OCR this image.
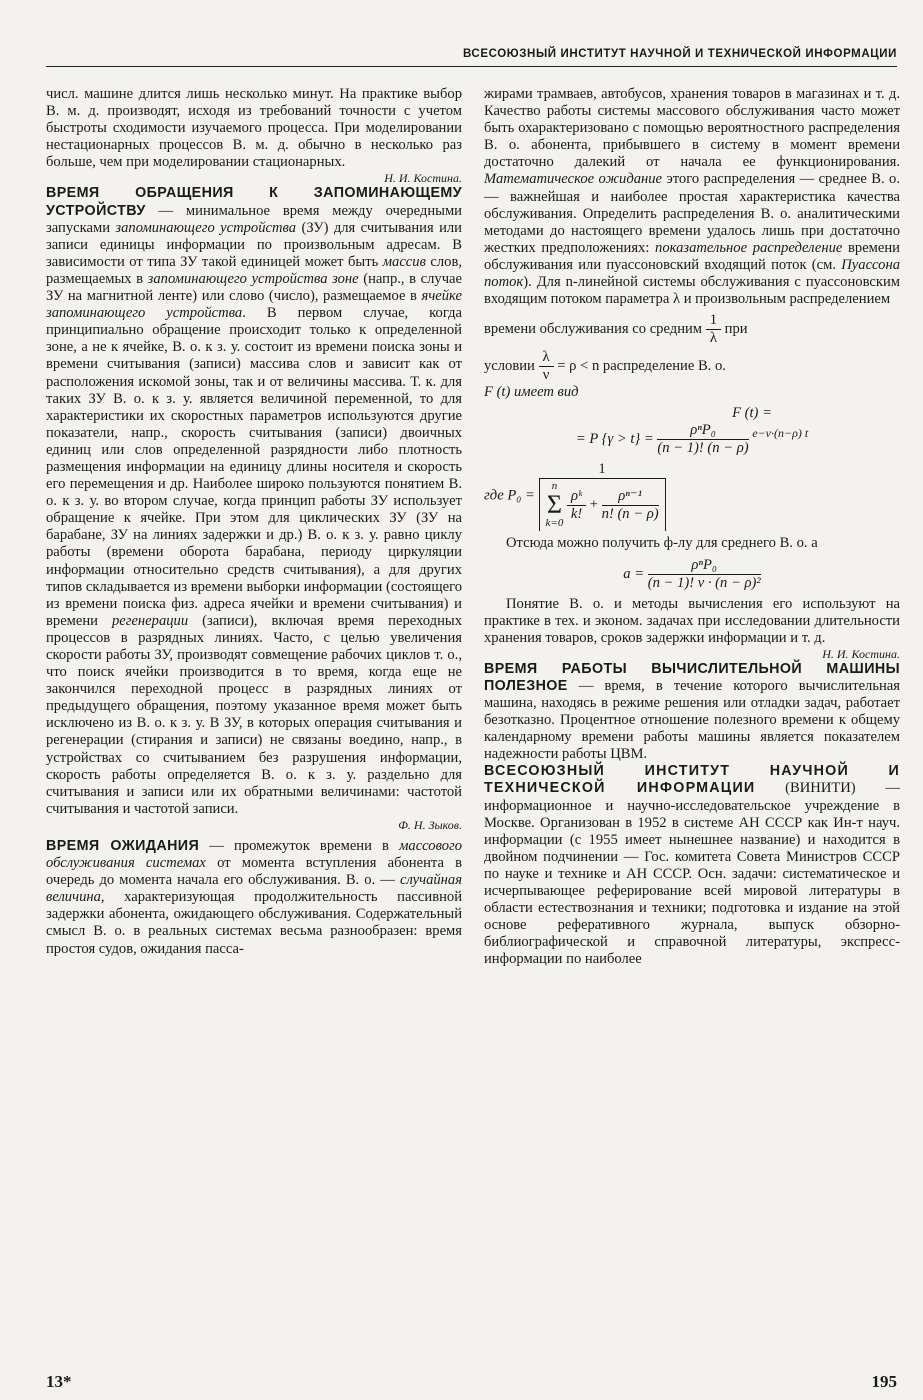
ВСЕСОЮЗНЫЙ ИНСТИТУТ НАУЧНОЙ И ТЕХНИЧЕСКОЙ ИНФОРМАЦИИ

числ. машине длится лишь несколько минут. На практике выбор В. м. д. производят, исходя из требований точности с учетом быстроты сходимости изучаемого процесса. При моделировании нестационарных процессов В. м. д. обычно в несколько раз больше, чем при моделировании стационарных.

Н. И. Костина.

ВРЕМЯ ОБРАЩЕНИЯ К ЗАПОМИНАЮЩЕМУ УСТРОЙСТВУ — минимальное время между очередными запусками запоминающего устройства (ЗУ) для считывания или записи единицы информации по произвольным адресам. В зависимости от типа ЗУ такой единицей может быть массив слов, размещаемых в запоминающего устройства зоне (напр., в случае ЗУ на магнитной ленте) или слово (число), размещаемое в ячейке запоминающего устройства. В первом случае, когда принципиально обращение происходит только к определенной зоне, а не к ячейке, В. о. к з. у. состоит из времени поиска зоны и времени считывания (записи) массива слов и зависит как от расположения искомой зоны, так и от величины массива. Т. к. для таких ЗУ В. о. к з. у. является величиной переменной, то для характеристики их скоростных параметров используются другие показатели, напр., скорость считывания (записи) двоичных единиц или слов определенной разрядности либо плотность размещения информации на единицу длины носителя и скорость его перемещения и др. Наиболее широко пользуются понятием В. о. к з. у. во втором случае, когда принцип работы ЗУ использует обращение к ячейке. При этом для циклических ЗУ (ЗУ на барабане, ЗУ на линиях задержки и др.) В. о. к з. у. равно циклу работы (времени оборота барабана, периоду циркуляции информации относительно средств считывания), а для других типов складывается из времени выборки информации (состоящего из времени поиска физ. адреса ячейки и времени считывания) и времени регенерации (записи), включая время переходных процессов в разрядных линиях. Часто, с целью увеличения скорости работы ЗУ, производят совмещение рабочих циклов т. о., что поиск ячейки производится в то время, когда еще не закончился переходной процесс в разрядных линиях от предыдущего обращения, поэтому указанное время может быть исключено из В. о. к з. у. В ЗУ, в которых операция считывания и регенерации (стирания и записи) не связаны воедино, напр., в устройствах со считыванием без разрушения информации, скорость работы определяется В. о. к з. у. раздельно для считывания и записи или их обратными величинами: частотой считывания и частотой записи.

Ф. Н. Зыков.

ВРЕМЯ ОЖИДАНИЯ — промежуток времени в массового обслуживания системах от момента вступления абонента в очередь до момента начала его обслуживания. В. о. — случайная величина, характеризующая продолжительность пассивной задержки абонента, ожидающего обслуживания. Содержательный смысл В. о. в реальных системах весьма разнообразен: время простоя судов, ожидания пасса-

жирами трамваев, автобусов, хранения товаров в магазинах и т. д. Качество работы системы массового обслуживания часто может быть охарактеризовано с помощью вероятностного распределения В. о. абонента, прибывшего в систему в момент времени достаточно далекий от начала ее функционирования. Математическое ожидание этого распределения — среднее В. о. — важнейшая и наиболее простая характеристика качества обслуживания. Определить распределения В. о. аналитическими методами до настоящего времени удалось лишь при достаточно жестких предположениях: показательное распределение времени обслуживания или пуассоновский входящий поток (см. Пуассона поток). Для n-линейной системы обслуживания с пуассоновским входящим потоком параметра λ и произвольным распределением

времени обслуживания со средним $\frac{1}{\lambda}$ при

условии $\frac{\lambda}{\nu} = \rho < n$ распределение В. о.

F (t) имеет вид

F (t) =
= P $\{\gamma > t\} = \frac{\text{ρⁿP₀}}{(n - 1)! (n - \rho)} ^{e-\nu\cdot(n-\rho) t}$
где P₀ =
1
n
Σ
k=0

$\frac{\text{ρᵏ}}{k!} + \frac{\text{ρⁿ⁻¹}}{n! (n - \rho)}$

Отсюда можно получить ф-лу для среднего В. о. a

$a = \frac{\text{ρⁿP₀}}{\text{(n − 1)! ν · (n − ρ)²}}$

Понятие В. о. и методы вычисления его используют на практике в тех. и эконом. задачах при исследовании длительности хранения товаров, сроков задержки информации и т. д.

Н. И. Костина.

ВРЕМЯ РАБОТЫ ВЫЧИСЛИТЕЛЬНОЙ МАШИНЫ ПОЛЕЗНОЕ — время, в течение которого вычислительная машина, находясь в режиме решения или отладки задач, работает безотказно. Процентное отношение полезного времени к общему календарному времени работы машины является показателем надежности работы ЦВМ.

ВСЕСОЮЗНЫЙ ИНСТИТУТ НАУЧНОЙ И ТЕХНИЧЕСКОЙ ИНФОРМАЦИИ (ВИНИТИ) — информационное и научно-исследовательское учреждение в Москве. Организован в 1952 в системе АН СССР как Ин-т науч. информации (с 1955 имеет нынешнее название) и находится в двойном подчинении — Гос. комитета Совета Министров СССР по науке и технике и АН СССР. Осн. задачи: систематическое и исчерпывающее реферирование всей мировой литературы в области естествознания и техники; подготовка и издание на этой основе реферативного журнала, выпуск обзорно-библиографической и справочной литературы, экспресс-информации по наиболее

13*	195
